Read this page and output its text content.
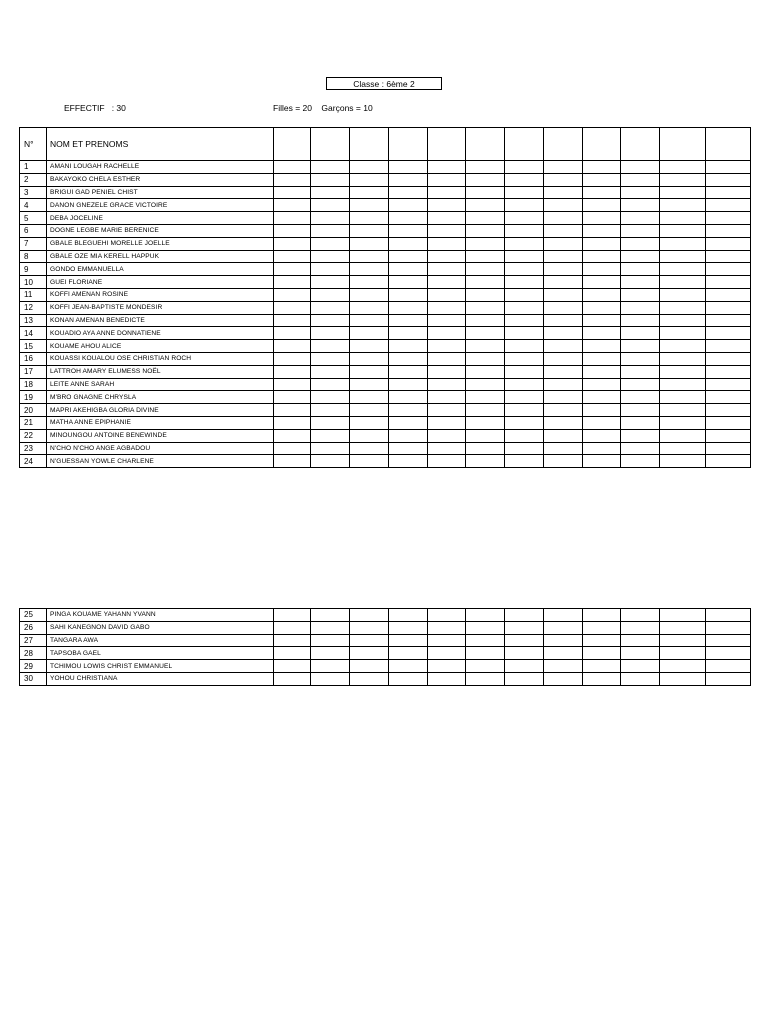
Classe : 6ème 2
EFFECTIF   : 30	Filles = 20    Garçons = 10
N°	NOM ET PRENOMS												
1	AMANI LOUGAH RACHELLE												
2	BAKAYOKO CHELA ESTHER												
3	BRIGUI GAD PENIEL CHIST												
4	DANON GNEZELE GRACE VICTOIRE												
5	DEBA JOCELINE												
6	DOGNE LEGBE MARIE BERENICE												
7	GBALE BLEGUEHI MORELLE JOELLE												
8	GBALE OZE MIA KERELL HAPPUK												
9	GONDO EMMANUELLA												
10	GUEI FLORIANE												
11	KOFFI AMENAN ROSINE												
12	KOFFI JEAN-BAPTISTE MONDESIR												
13	KONAN AMENAN BENEDICTE												
14	KOUADIO AYA ANNE DONNATIENE												
15	KOUAME AHOU ALICE												
16	KOUASSI KOUALOU OSE CHRISTIAN ROCH												
17	LATTROH AMARY ELUMESS NOËL												
18	LEITE ANNE SARAH												
19	M'BRO GNAGNE CHRYSLA												
20	MAPRI AKEHIGBA GLORIA DIVINE												
21	MATHA ANNE EPIPHANIE												
22	MINOUNGOU ANTOINE BENEWINDE												
23	N'CHO N'CHO ANGE AGBADOU												
24	N'GUESSAN YOWLE CHARLENE												
25	PINGA KOUAME YAHANN YVANN												
26	SAHI KANEGNON DAVID GABO												
27	TANGARA AWA												
28	TAPSOBA GAEL												
29	TCHIMOU LOWIS CHRIST EMMANUEL												
30	YOHOU CHRISTIANA												
